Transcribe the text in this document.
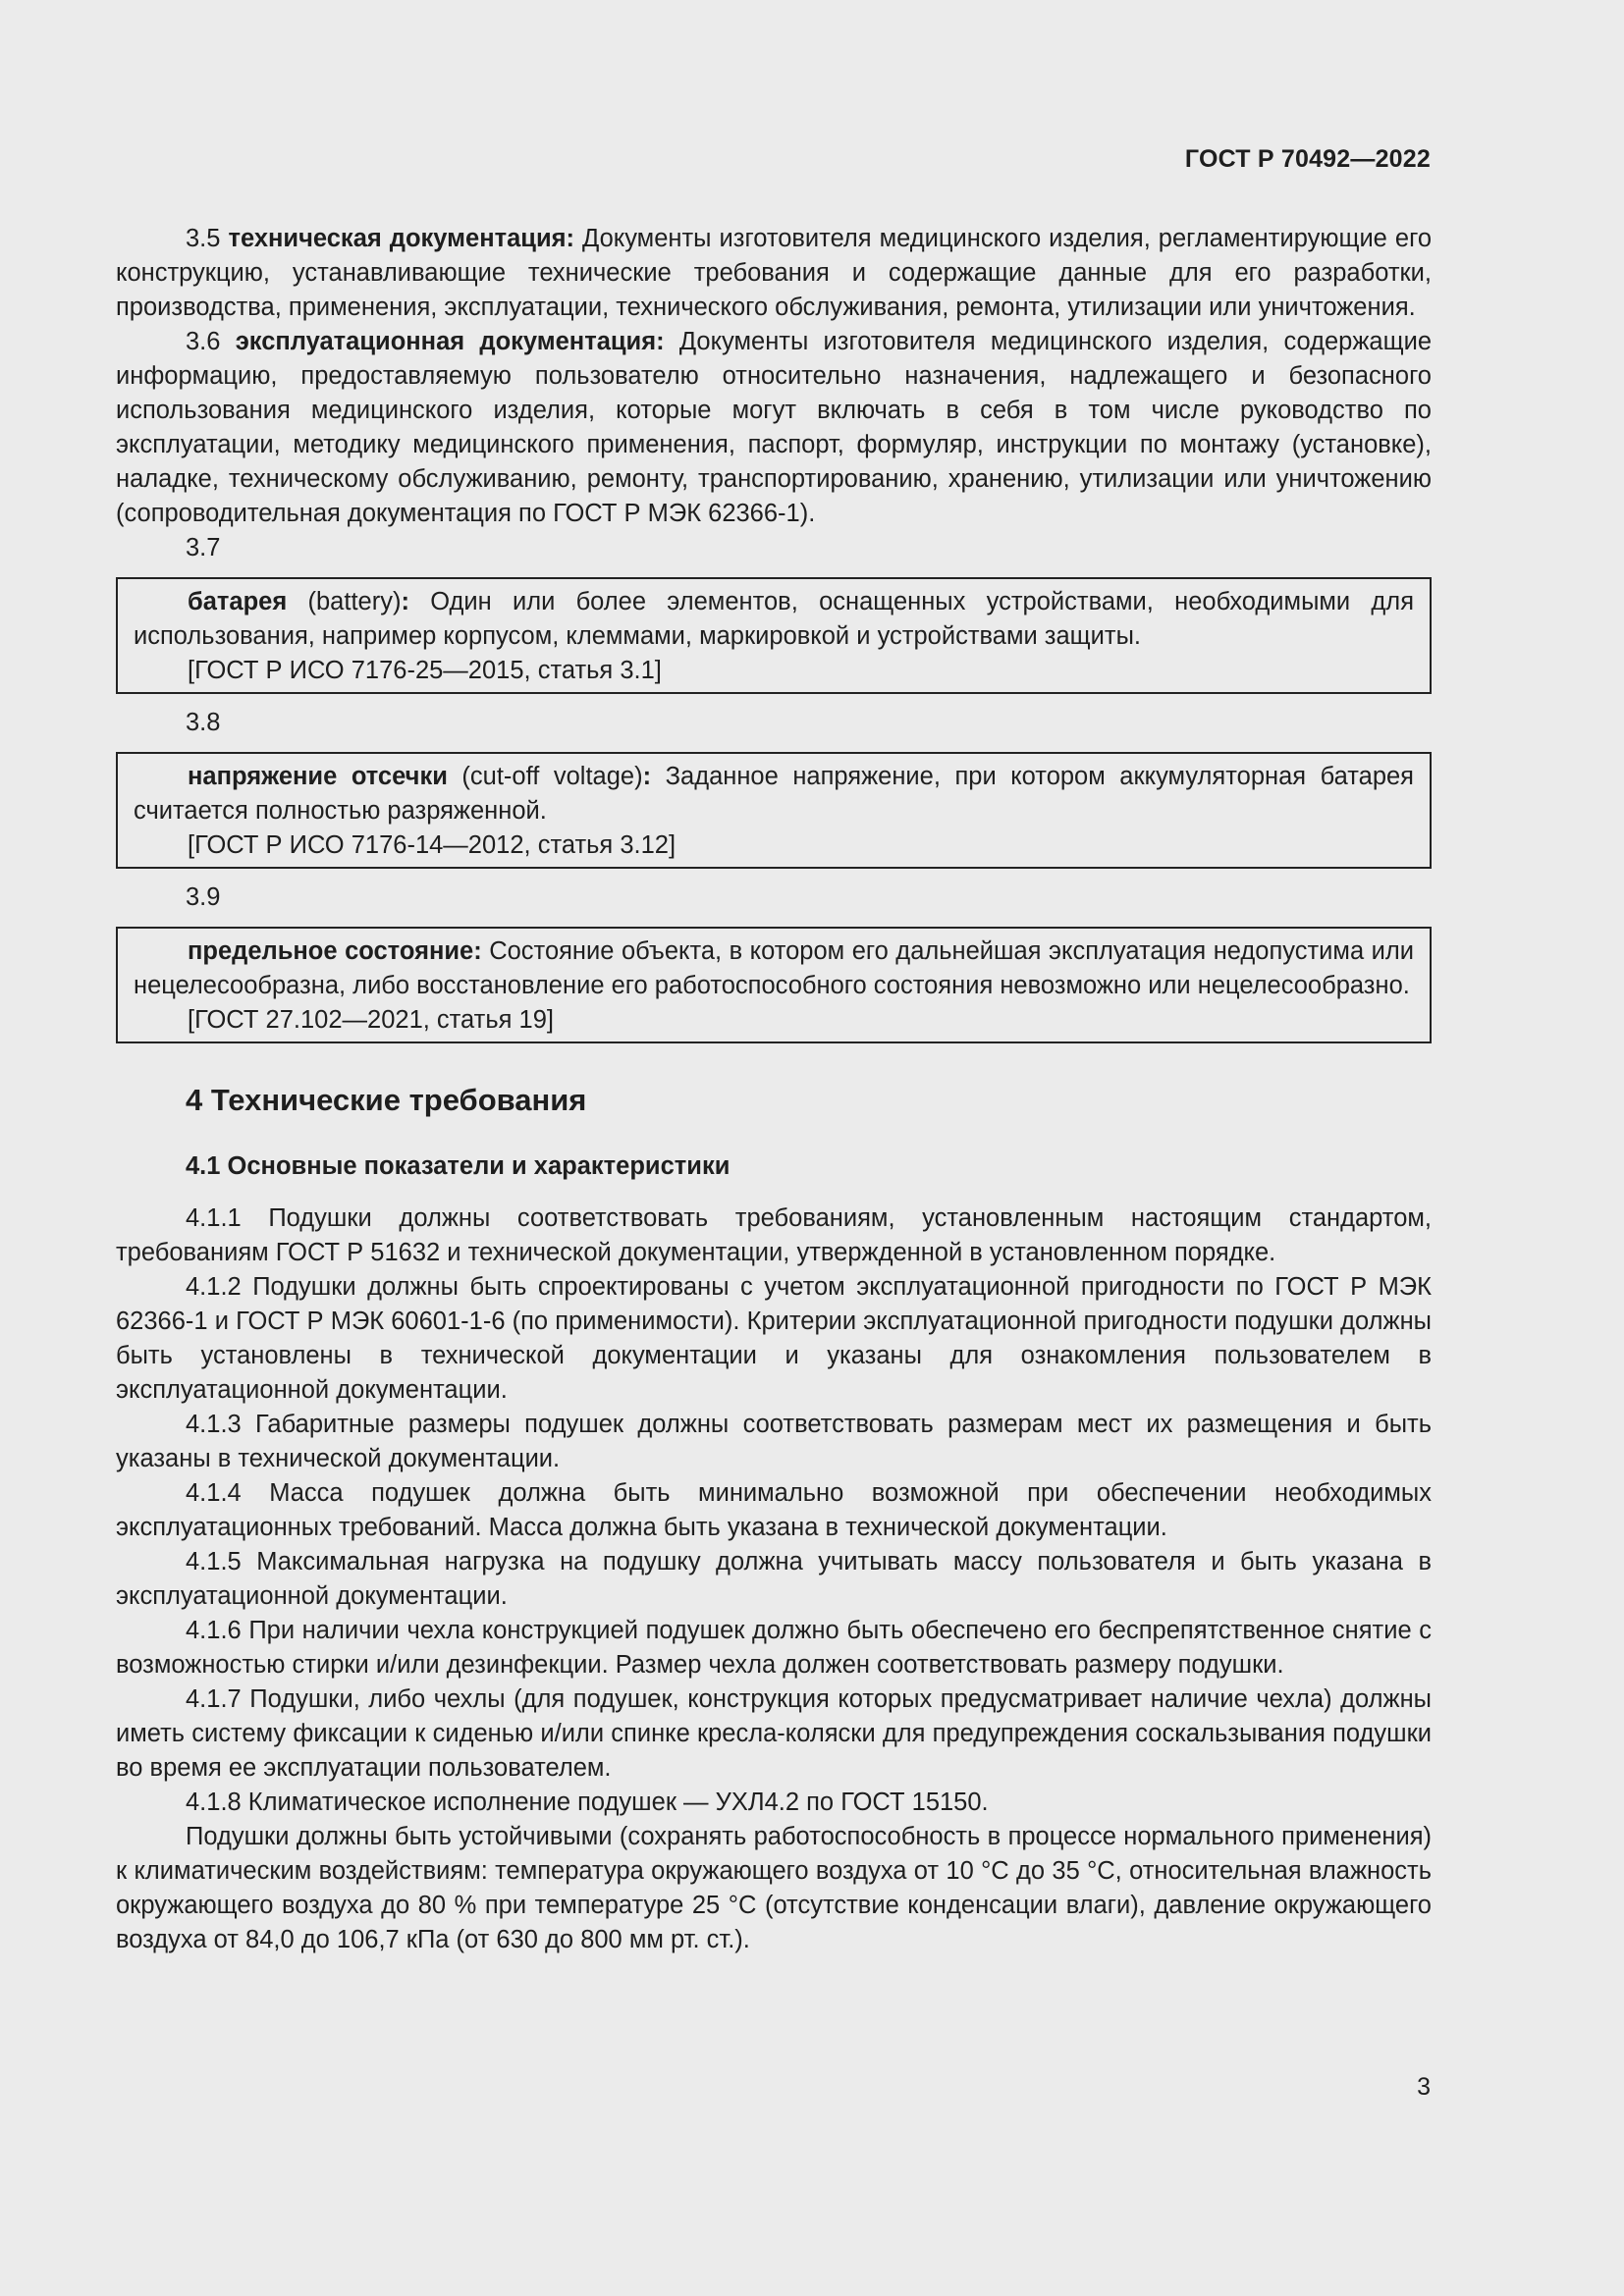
ГОСТ Р 70492—2022

3.5 техническая документация: Документы изготовителя медицинского изделия, регламентирующие его конструкцию, устанавливающие технические требования и содержащие данные для его разработки, производства, применения, эксплуатации, технического обслуживания, ремонта, утилизации или уничтожения.

3.6 эксплуатационная документация: Документы изготовителя медицинского изделия, содержащие информацию, предоставляемую пользователю относительно назначения, надлежащего и безопасного использования медицинского изделия, которые могут включать в себя в том числе руководство по эксплуатации, методику медицинского применения, паспорт, формуляр, инструкции по монтажу (установке), наладке, техническому обслуживанию, ремонту, транспортированию, хранению, утилизации или уничтожению (сопроводительная документация по ГОСТ Р МЭК 62366-1).

3.7

батарея (battery): Один или более элементов, оснащенных устройствами, необходимыми для использования, например корпусом, клеммами, маркировкой и устройствами защиты.

[ГОСТ Р ИСО 7176-25—2015, статья 3.1]
3.8

напряжение отсечки (cut-off voltage): Заданное напряжение, при котором аккумуляторная батарея считается полностью разряженной.

[ГОСТ Р ИСО 7176-14—2012, статья 3.12]
3.9

предельное состояние: Состояние объекта, в котором его дальнейшая эксплуатация недопустима или нецелесообразна, либо восстановление его работоспособного состояния невозможно или нецелесообразно.

[ГОСТ 27.102—2021, статья 19]
4 Технические требования
4.1 Основные показатели и характеристики

4.1.1 Подушки должны соответствовать требованиям, установленным настоящим стандартом, требованиям ГОСТ Р 51632 и технической документации, утвержденной в установленном порядке.

4.1.2 Подушки должны быть спроектированы с учетом эксплуатационной пригодности по ГОСТ Р МЭК 62366-1 и ГОСТ Р МЭК 60601-1-6 (по применимости). Критерии эксплуатационной пригодности подушки должны быть установлены в технической документации и указаны для ознакомления пользователем в эксплуатационной документации.

4.1.3 Габаритные размеры подушек должны соответствовать размерам мест их размещения и быть указаны в технической документации.

4.1.4 Масса подушек должна быть минимально возможной при обеспечении необходимых эксплуатационных требований. Масса должна быть указана в технической документации.

4.1.5 Максимальная нагрузка на подушку должна учитывать массу пользователя и быть указана в эксплуатационной документации.

4.1.6 При наличии чехла конструкцией подушек должно быть обеспечено его беспрепятственное снятие с возможностью стирки и/или дезинфекции. Размер чехла должен соответствовать размеру подушки.

4.1.7 Подушки, либо чехлы (для подушек, конструкция которых предусматривает наличие чехла) должны иметь систему фиксации к сиденью и/или спинке кресла-коляски для предупреждения соскальзывания подушки во время ее эксплуатации пользователем.

4.1.8 Климатическое исполнение подушек — УХЛ4.2 по ГОСТ 15150.

Подушки должны быть устойчивыми (сохранять работоспособность в процессе нормального применения) к климатическим воздействиям: температура окружающего воздуха от 10 °С до 35 °С, относительная влажность окружающего воздуха до 80 % при температуре 25 °С (отсутствие конденсации влаги), давление окружающего воздуха от 84,0 до 106,7 кПа (от 630 до 800 мм рт. ст.).

3
